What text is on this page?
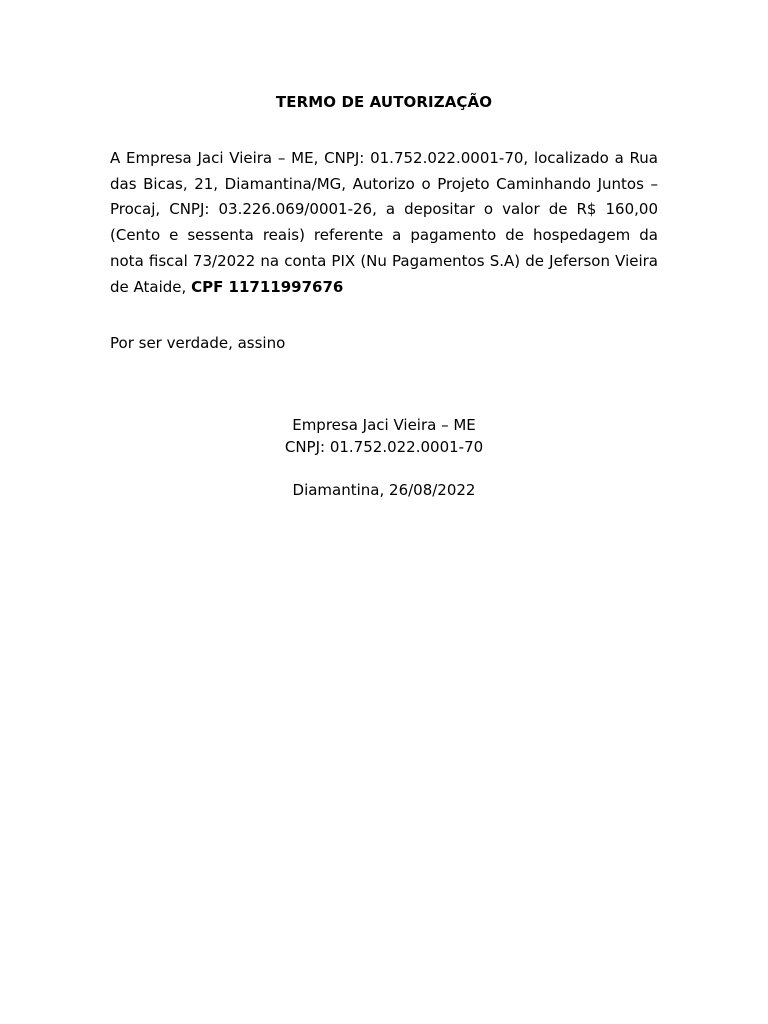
TERMO DE AUTORIZAÇÃO
A Empresa Jaci Vieira – ME, CNPJ: 01.752.022.0001-70, localizado a Rua das Bicas, 21, Diamantina/MG, Autorizo o Projeto Caminhando Juntos – Procaj, CNPJ: 03.226.069/0001-26, a depositar o valor de R$ 160,00 (Cento e sessenta reais) referente a pagamento de hospedagem da nota fiscal 73/2022 na conta PIX (Nu Pagamentos S.A) de Jeferson Vieira de Ataide, CPF 11711997676
Por ser verdade, assino
Empresa Jaci Vieira – ME
CNPJ: 01.752.022.0001-70
Diamantina, 26/08/2022
